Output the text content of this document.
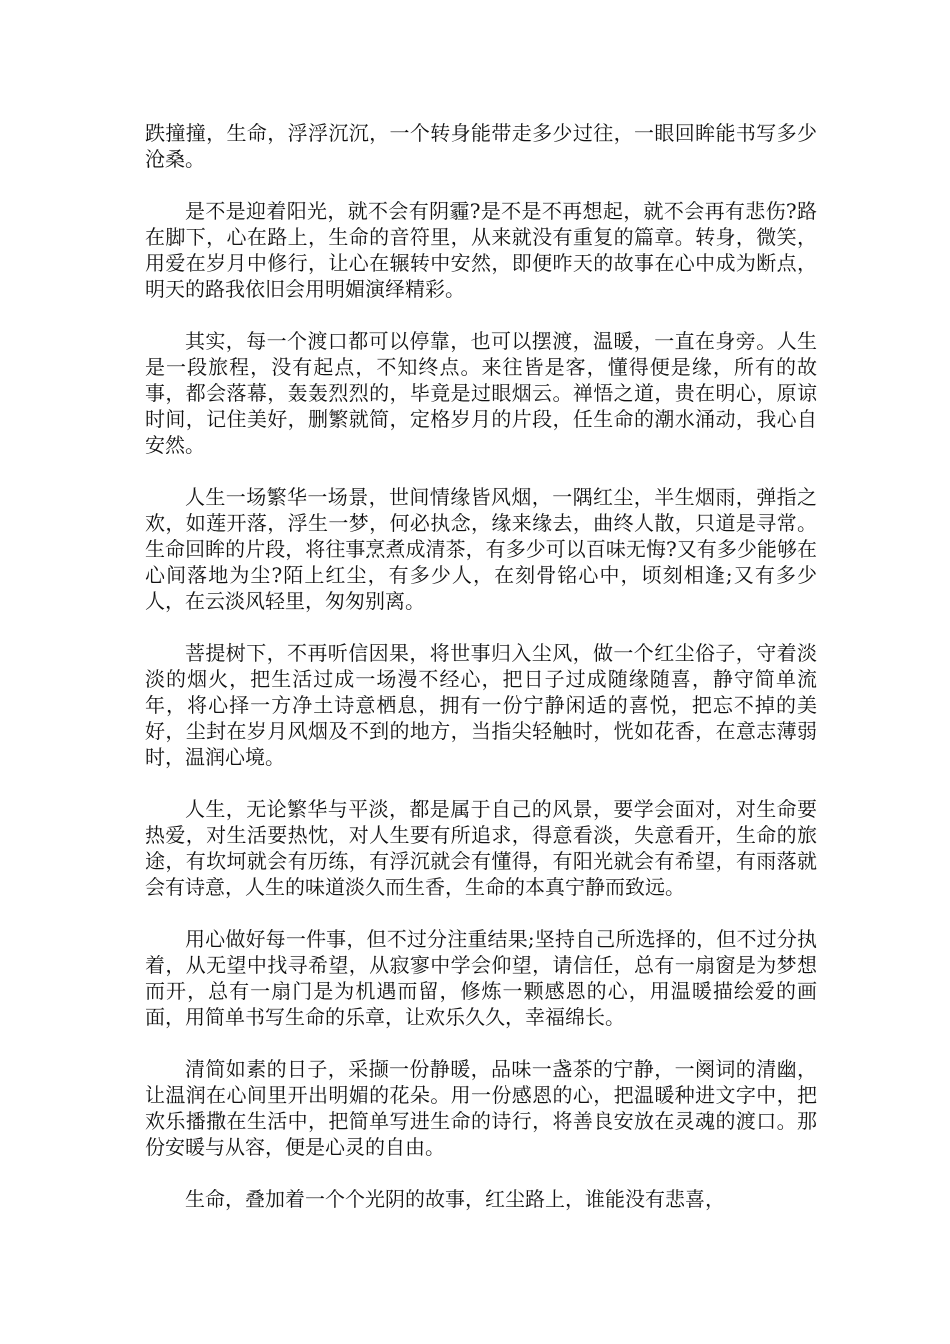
跌撞撞，生命，浮浮沉沉，一个转身能带走多少过往，一眼回眸能书写多少沧桑。

是不是迎着阳光，就不会有阴霾?是不是不再想起，就不会再有悲伤?路在脚下，心在路上，生命的音符里，从来就没有重复的篇章。转身，微笑，用爱在岁月中修行，让心在辗转中安然，即便昨天的故事在心中成为断点，明天的路我依旧会用明媚演绎精彩。

其实，每一个渡口都可以停靠，也可以摆渡，温暖，一直在身旁。人生是一段旅程，没有起点，不知终点。来往皆是客，懂得便是缘，所有的故事，都会落幕，轰轰烈烈的，毕竟是过眼烟云。禅悟之道，贵在明心，原谅时间，记住美好，删繁就简，定格岁月的片段，任生命的潮水涌动，我心自安然。

人生一场繁华一场景，世间情缘皆风烟，一隅红尘，半生烟雨，弹指之欢，如莲开落，浮生一梦，何必执念，缘来缘去，曲终人散，只道是寻常。生命回眸的片段，将往事烹煮成清茶，有多少可以百味无悔?又有多少能够在心间落地为尘?陌上红尘，有多少人，在刻骨铭心中，顷刻相逢;又有多少人，在云淡风轻里，匆匆别离。

菩提树下，不再听信因果，将世事归入尘风，做一个红尘俗子，守着淡淡的烟火，把生活过成一场漫不经心，把日子过成随缘随喜，静守简单流年，将心择一方净土诗意栖息，拥有一份宁静闲适的喜悦，把忘不掉的美好，尘封在岁月风烟及不到的地方，当指尖轻触时，恍如花香，在意志薄弱时，温润心境。

人生，无论繁华与平淡，都是属于自己的风景，要学会面对，对生命要热爱，对生活要热忱，对人生要有所追求，得意看淡，失意看开，生命的旅途，有坎坷就会有历练，有浮沉就会有懂得，有阳光就会有希望，有雨落就会有诗意，人生的味道淡久而生香，生命的本真宁静而致远。

用心做好每一件事，但不过分注重结果;坚持自己所选择的，但不过分执着，从无望中找寻希望，从寂寥中学会仰望，请信任，总有一扇窗是为梦想而开，总有一扇门是为机遇而留，修炼一颗感恩的心，用温暖描绘爱的画面，用简单书写生命的乐章，让欢乐久久，幸福绵长。

清简如素的日子，采撷一份静暖，品味一盏茶的宁静，一阕词的清幽，让温润在心间里开出明媚的花朵。用一份感恩的心，把温暖种进文字中，把欢乐播撒在生活中，把简单写进生命的诗行，将善良安放在灵魂的渡口。那份安暖与从容，便是心灵的自由。

生命，叠加着一个个光阴的故事，红尘路上，谁能没有悲喜，
